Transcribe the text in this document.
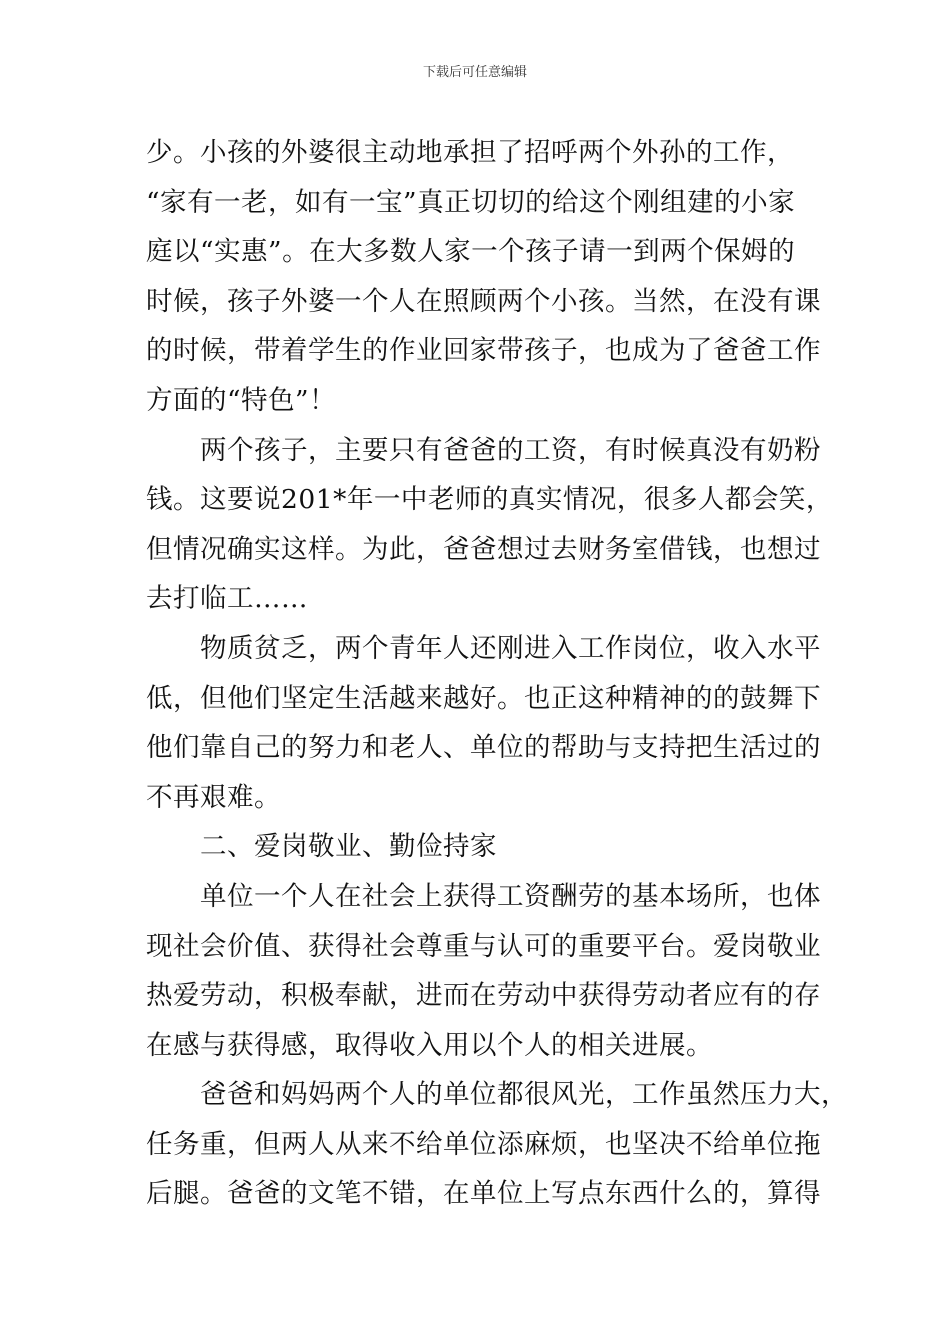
下载后可任意编辑
少。小孩的外婆很主动地承担了招呼两个外孙的工作，
“家有一老，如有一宝”真正切切的给这个刚组建的小家
庭以“实惠”。在大多数人家一个孩子请一到两个保姆的
时候，孩子外婆一个人在照顾两个小孩。当然，在没有课
的时候，带着学生的作业回家带孩子，也成为了爸爸工作
方面的“特色”！
两个孩子，主要只有爸爸的工资，有时候真没有奶粉
钱。这要说201*年一中老师的真实情况，很多人都会笑，
但情况确实这样。为此，爸爸想过去财务室借钱，也想过
去打临工……
物质贫乏，两个青年人还刚进入工作岗位，收入水平
低，但他们坚定生活越来越好。也正这种精神的的鼓舞下
他们靠自己的努力和老人、单位的帮助与支持把生活过的
不再艰难。
二、爱岗敬业、勤俭持家
单位一个人在社会上获得工资酬劳的基本场所，也体
现社会价值、获得社会尊重与认可的重要平台。爱岗敬业
热爱劳动，积极奉献，进而在劳动中获得劳动者应有的存
在感与获得感，取得收入用以个人的相关进展。
爸爸和妈妈两个人的单位都很风光，工作虽然压力大，
任务重，但两人从来不给单位添麻烦，也坚决不给单位拖
后腿。爸爸的文笔不错，在单位上写点东西什么的，算得
